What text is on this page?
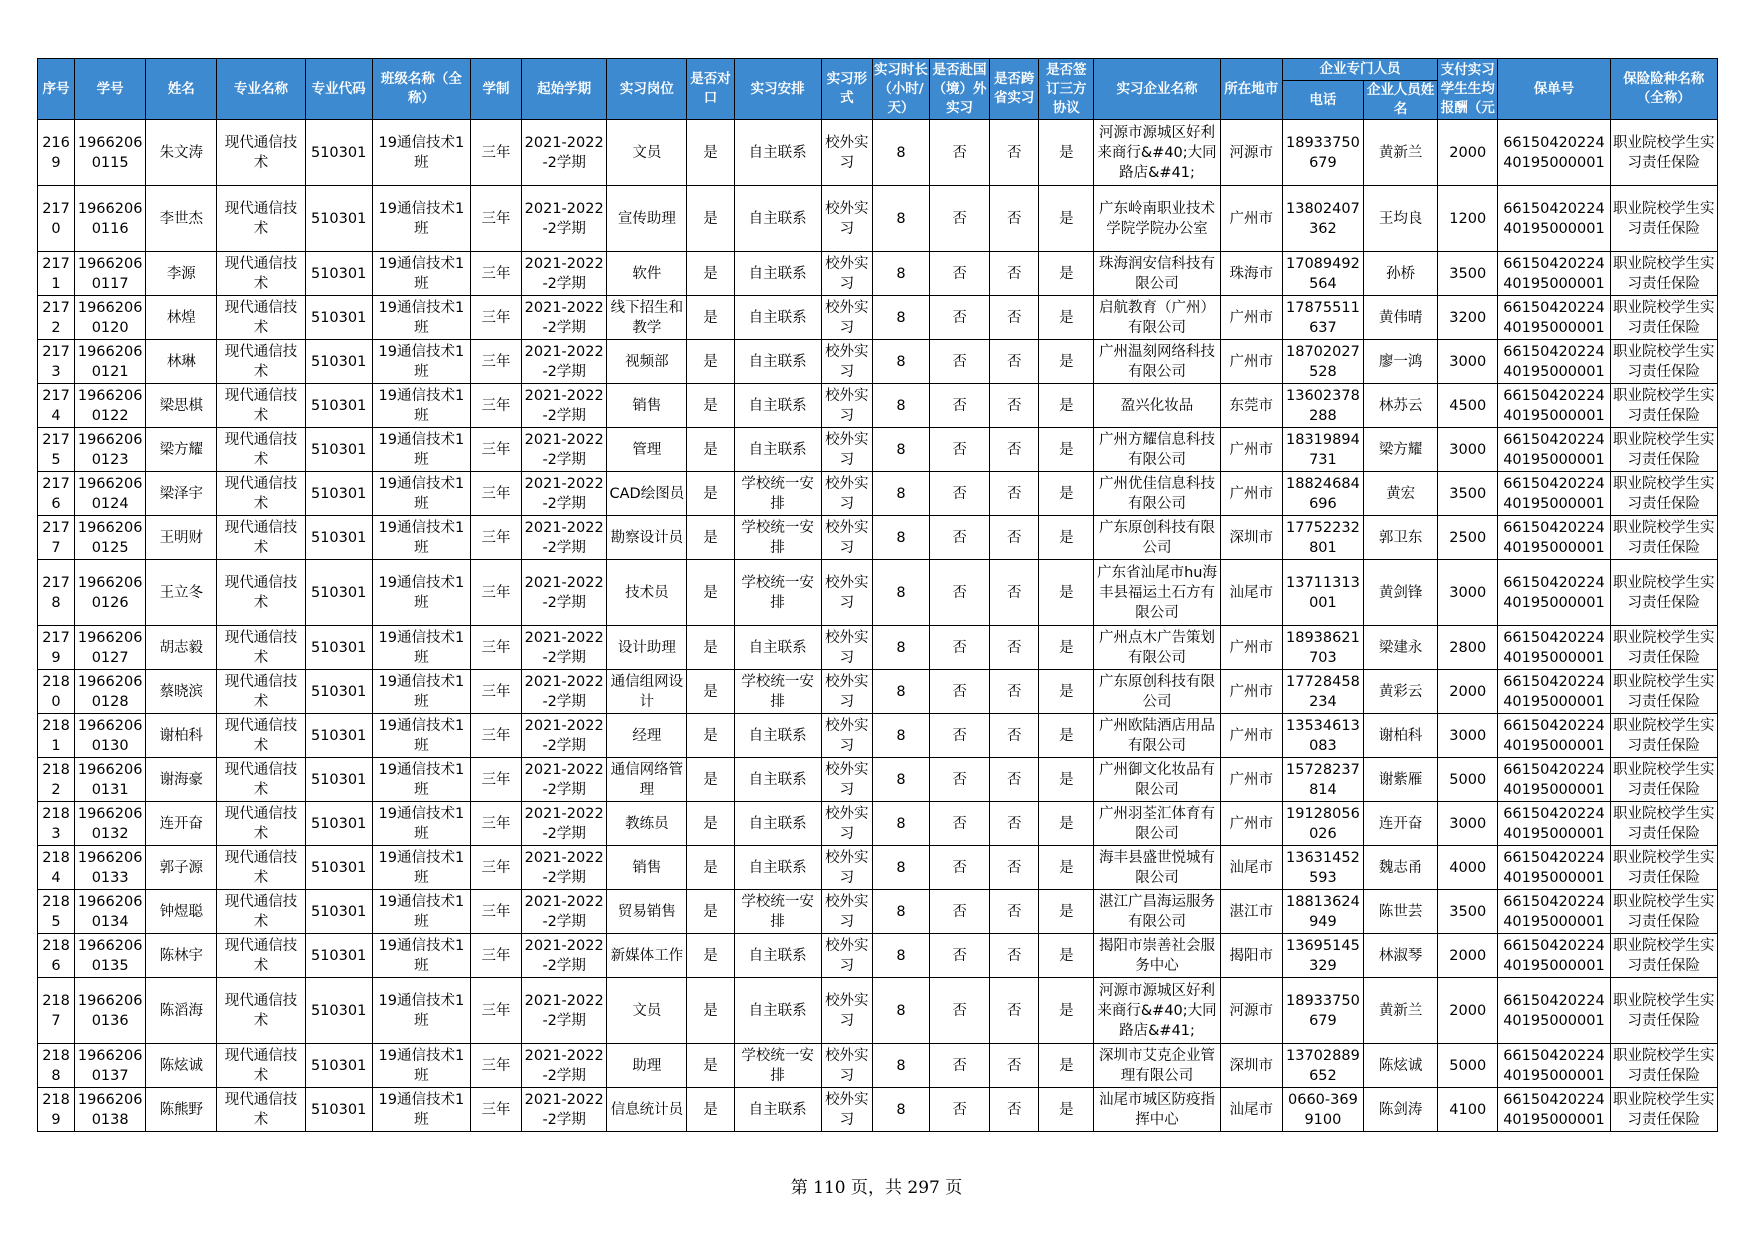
序号	学号	姓名	专业名称	专业代码	班级名称（全称）	学制	起始学期	实习岗位	是否对口	实习安排	实习形式	实习时长（小时/天）	是否赴国（境）外实习	是否跨省实习	是否签订三方协议	实习企业名称	所在地市	企业专门人员		支付实习学生生均报酬（元	保单号	保险险种名称（全称）
																		电话	企业人员姓名			
2169	19662060115	朱文涛	现代通信技术	510301	19通信技术1班	三年	2021-2022-2学期	文员	是	自主联系	校外实习	8	否	否	是	河源市源城区好利来商行&#40;大同路店&#41;	河源市	18933750679	黄新兰	2000	6615042022440195000001	职业院校学生实习责任保险
2170	19662060116	李世杰	现代通信技术	510301	19通信技术1班	三年	2021-2022-2学期	宣传助理	是	自主联系	校外实习	8	否	否	是	广东岭南职业技术学院学院办公室	广州市	13802407362	王均良	1200	6615042022440195000001	职业院校学生实习责任保险
2171	19662060117	李源	现代通信技术	510301	19通信技术1班	三年	2021-2022-2学期	软件	是	自主联系	校外实习	8	否	否	是	珠海润安信科技有限公司	珠海市	17089492564	孙桥	3500	6615042022440195000001	职业院校学生实习责任保险
2172	19662060120	林煌	现代通信技术	510301	19通信技术1班	三年	2021-2022-2学期	线下招生和教学	是	自主联系	校外实习	8	否	否	是	启航教育（广州）有限公司	广州市	17875511637	黄伟晴	3200	6615042022440195000001	职业院校学生实习责任保险
2173	19662060121	林琳	现代通信技术	510301	19通信技术1班	三年	2021-2022-2学期	视频部	是	自主联系	校外实习	8	否	否	是	广州温刻网络科技有限公司	广州市	18702027528	廖一鸿	3000	6615042022440195000001	职业院校学生实习责任保险
2174	19662060122	梁思棋	现代通信技术	510301	19通信技术1班	三年	2021-2022-2学期	销售	是	自主联系	校外实习	8	否	否	是	盈兴化妆品	东莞市	13602378288	林苏云	4500	6615042022440195000001	职业院校学生实习责任保险
2175	19662060123	梁方耀	现代通信技术	510301	19通信技术1班	三年	2021-2022-2学期	管理	是	自主联系	校外实习	8	否	否	是	广州方耀信息科技有限公司	广州市	18319894731	梁方耀	3000	6615042022440195000001	职业院校学生实习责任保险
2176	19662060124	梁泽宇	现代通信技术	510301	19通信技术1班	三年	2021-2022-2学期	CAD绘图员	是	学校统一安排	校外实习	8	否	否	是	广州优佳信息科技有限公司	广州市	18824684696	黄宏	3500	6615042022440195000001	职业院校学生实习责任保险
2177	19662060125	王明财	现代通信技术	510301	19通信技术1班	三年	2021-2022-2学期	勘察设计员	是	学校统一安排	校外实习	8	否	否	是	广东原创科技有限公司	深圳市	17752232801	郭卫东	2500	6615042022440195000001	职业院校学生实习责任保险
2178	19662060126	王立冬	现代通信技术	510301	19通信技术1班	三年	2021-2022-2学期	技术员	是	学校统一安排	校外实习	8	否	否	是	广东省汕尾市hu海丰县福运土石方有限公司	汕尾市	13711313001	黄剑锋	3000	6615042022440195000001	职业院校学生实习责任保险
2179	19662060127	胡志毅	现代通信技术	510301	19通信技术1班	三年	2021-2022-2学期	设计助理	是	自主联系	校外实习	8	否	否	是	广州点木广告策划有限公司	广州市	18938621703	梁建永	2800	6615042022440195000001	职业院校学生实习责任保险
2180	19662060128	蔡晓滨	现代通信技术	510301	19通信技术1班	三年	2021-2022-2学期	通信组网设计	是	学校统一安排	校外实习	8	否	否	是	广东原创科技有限公司	广州市	17728458234	黄彩云	2000	6615042022440195000001	职业院校学生实习责任保险
2181	19662060130	谢柏科	现代通信技术	510301	19通信技术1班	三年	2021-2022-2学期	经理	是	自主联系	校外实习	8	否	否	是	广州欧陆酒店用品有限公司	广州市	13534613083	谢柏科	3000	6615042022440195000001	职业院校学生实习责任保险
2182	19662060131	谢海豪	现代通信技术	510301	19通信技术1班	三年	2021-2022-2学期	通信网络管理	是	自主联系	校外实习	8	否	否	是	广州御文化妆品有限公司	广州市	15728237814	谢紫雁	5000	6615042022440195000001	职业院校学生实习责任保险
2183	19662060132	连开奋	现代通信技术	510301	19通信技术1班	三年	2021-2022-2学期	教练员	是	自主联系	校外实习	8	否	否	是	广州羽荃汇体育有限公司	广州市	19128056026	连开奋	3000	6615042022440195000001	职业院校学生实习责任保险
2184	19662060133	郭子源	现代通信技术	510301	19通信技术1班	三年	2021-2022-2学期	销售	是	自主联系	校外实习	8	否	否	是	海丰县盛世悦城有限公司	汕尾市	13631452593	魏志甬	4000	6615042022440195000001	职业院校学生实习责任保险
2185	19662060134	钟煜聪	现代通信技术	510301	19通信技术1班	三年	2021-2022-2学期	贸易销售	是	学校统一安排	校外实习	8	否	否	是	湛江广昌海运服务有限公司	湛江市	18813624949	陈世芸	3500	6615042022440195000001	职业院校学生实习责任保险
2186	19662060135	陈林宇	现代通信技术	510301	19通信技术1班	三年	2021-2022-2学期	新媒体工作	是	自主联系	校外实习	8	否	否	是	揭阳市崇善社会服务中心	揭阳市	13695145329	林淑琴	2000	6615042022440195000001	职业院校学生实习责任保险
2187	19662060136	陈滔海	现代通信技术	510301	19通信技术1班	三年	2021-2022-2学期	文员	是	自主联系	校外实习	8	否	否	是	河源市源城区好利来商行&#40;大同路店&#41;	河源市	18933750679	黄新兰	2000	6615042022440195000001	职业院校学生实习责任保险
2188	19662060137	陈炫诚	现代通信技术	510301	19通信技术1班	三年	2021-2022-2学期	助理	是	学校统一安排	校外实习	8	否	否	是	深圳市艾克企业管理有限公司	深圳市	13702889652	陈炫诚	5000	6615042022440195000001	职业院校学生实习责任保险
2189	19662060138	陈熊野	现代通信技术	510301	19通信技术1班	三年	2021-2022-2学期	信息统计员	是	自主联系	校外实习	8	否	否	是	汕尾市城区防疫指挥中心	汕尾市	0660-3699100	陈剑涛	4100	6615042022440195000001	职业院校学生实习责任保险
第 110 页，共 297 页
